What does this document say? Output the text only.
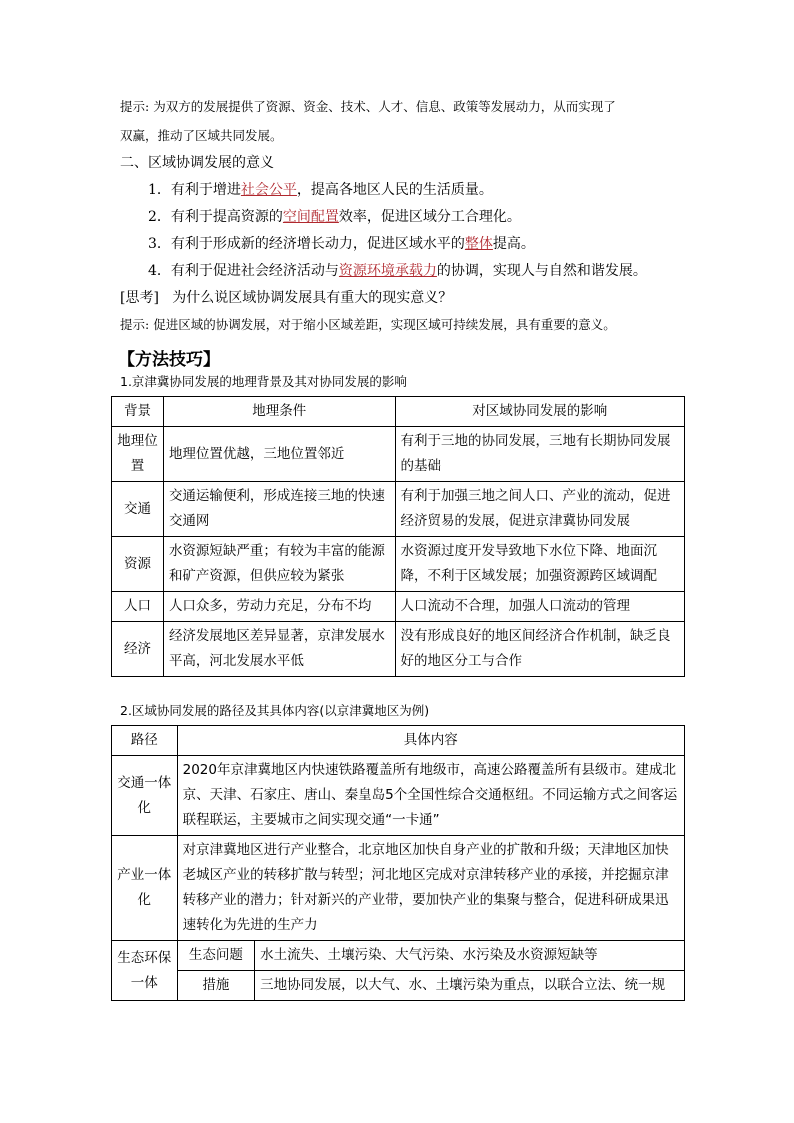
提示: 为双方的发展提供了资源、资金、技术、人才、信息、政策等发展动力，从而实现了
双赢，推动了区域共同发展。
二、区域协调发展的意义
1．有利于增进社会公平，提高各地区人民的生活质量。
2．有利于提高资源的空间配置效率，促进区域分工合理化。
3．有利于形成新的经济增长动力，促进区域水平的整体提高。
4．有利于促进社会经济活动与资源环境承载力的协调，实现人与自然和谐发展。
[思考] 为什么说区域协调发展具有重大的现实意义？
提示: 促进区域的协调发展，对于缩小区域差距，实现区域可持续发展，具有重要的意义。
【方法技巧】
1.京津冀协同发展的地理背景及其对协同发展的影响
背景	地理条件	对区域协同发展的影响
地理位置	地理位置优越，三地位置邻近	有利于三地的协同发展，三地有长期协同发展的基础
交通	交通运输便利，形成连接三地的快速交通网	有利于加强三地之间人口、产业的流动，促进经济贸易的发展，促进京津冀协同发展
资源	水资源短缺严重；有较为丰富的能源和矿产资源，但供应较为紧张	水资源过度开发导致地下水位下降、地面沉降，不利于区域发展；加强资源跨区域调配
人口	人口众多，劳动力充足，分布不均	人口流动不合理，加强人口流动的管理
经济	经济发展地区差异显著，京津发展水平高，河北发展水平低	没有形成良好的地区间经济合作机制，缺乏良好的地区分工与合作
2.区域协同发展的路径及其具体内容(以京津冀地区为例)
路径	具体内容	
交通一体化	2020年京津冀地区内快速铁路覆盖所有地级市，高速公路覆盖所有县级市。建成北京、天津、石家庄、唐山、秦皇岛5个全国性综合交通枢纽。不同运输方式之间客运联程联运，主要城市之间实现交通“一卡通”	
产业一体化	对京津冀地区进行产业整合，北京地区加快自身产业的扩散和升级；天津地区加快老城区产业的转移扩散与转型；河北地区完成对京津转移产业的承接，并挖掘京津转移产业的潜力；针对新兴的产业带，要加快产业的集聚与整合，促进科研成果迅速转化为先进的生产力	
生态环保一体	生态问题	水土流失、土壤污染、大气污染、水污染及水资源短缺等
	措施	三地协同发展，以大气、水、土壤污染为重点，以联合立法、统一规
